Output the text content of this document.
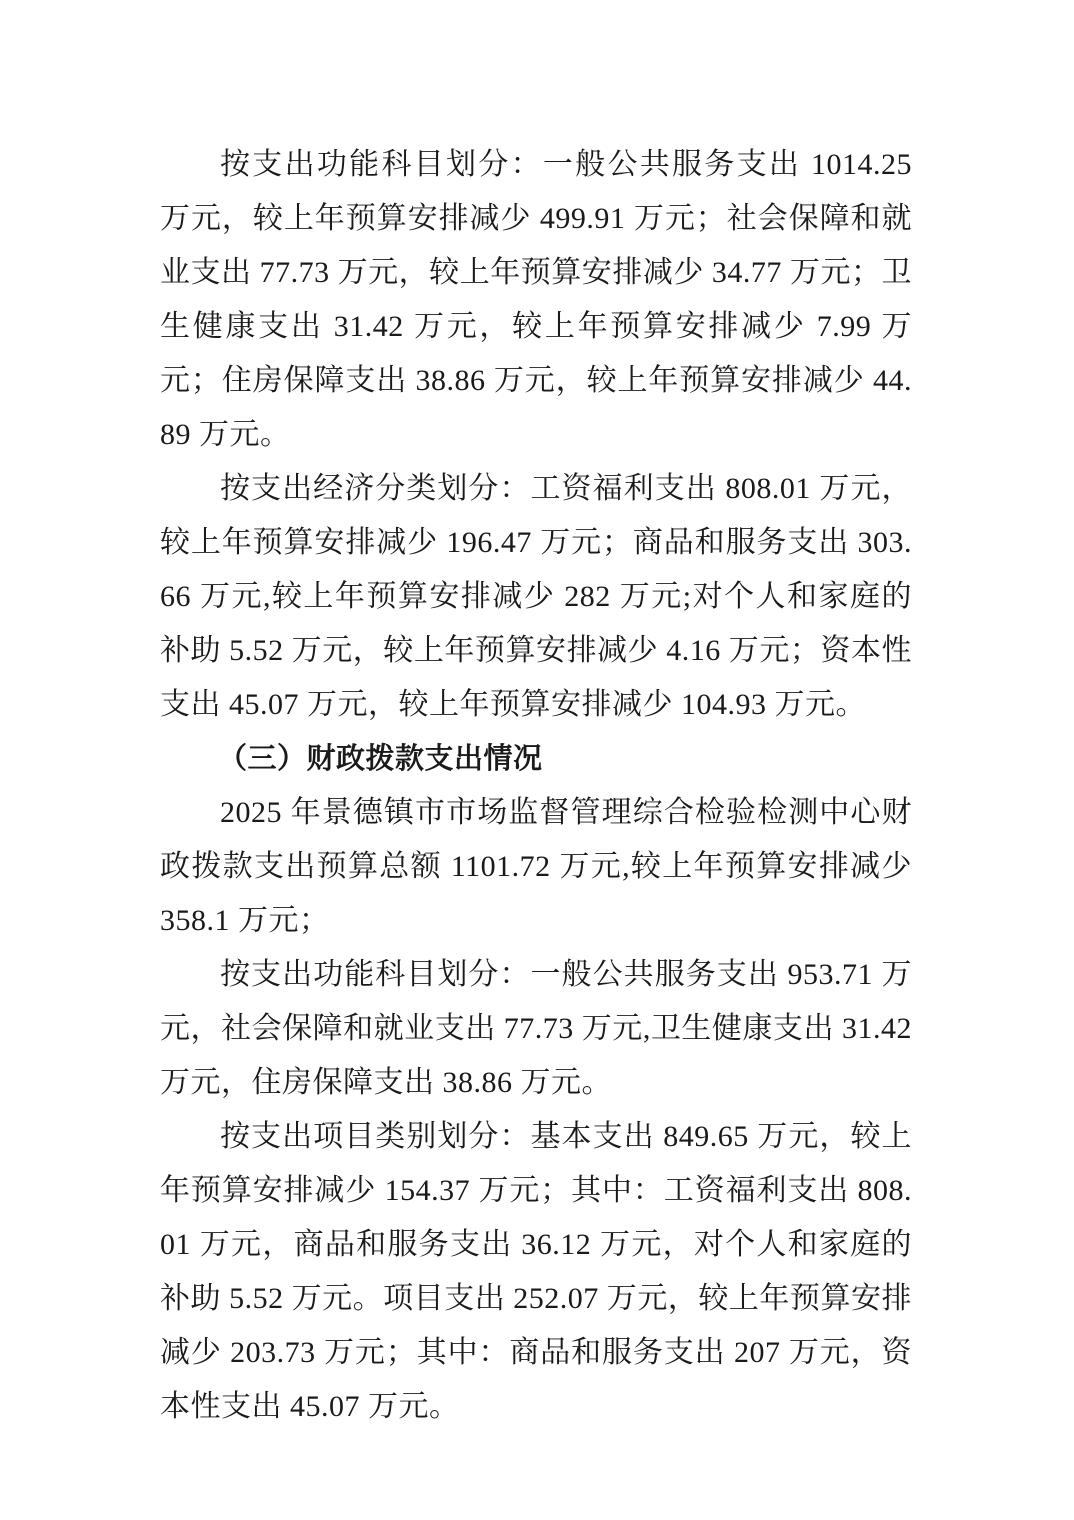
按支出功能科目划分：一般公共服务支出 1014.25 万元，较上年预算安排减少 499.91 万元；社会保障和就业支出 77.73 万元，较上年预算安排减少 34.77 万元；卫生健康支出 31.42 万元，较上年预算安排减少 7.99 万元；住房保障支出 38.86 万元，较上年预算安排减少 44.89 万元。

按支出经济分类划分：工资福利支出 808.01 万元，较上年预算安排减少 196.47 万元；商品和服务支出 303.66 万元,较上年预算安排减少 282 万元;对个人和家庭的补助 5.52 万元，较上年预算安排减少 4.16 万元；资本性支出 45.07 万元，较上年预算安排减少 104.93 万元。

（三）财政拨款支出情况

2025 年景德镇市市场监督管理综合检验检测中心财政拨款支出预算总额 1101.72 万元,较上年预算安排减少 358.1 万元；

按支出功能科目划分：一般公共服务支出 953.71 万元，社会保障和就业支出 77.73 万元,卫生健康支出 31.42 万元，住房保障支出 38.86 万元。

按支出项目类别划分：基本支出 849.65 万元，较上年预算安排减少 154.37 万元；其中：工资福利支出 808.01 万元，商品和服务支出 36.12 万元，对个人和家庭的补助 5.52 万元。项目支出 252.07 万元，较上年预算安排减少 203.73 万元；其中：商品和服务支出 207 万元，资本性支出 45.07 万元。
